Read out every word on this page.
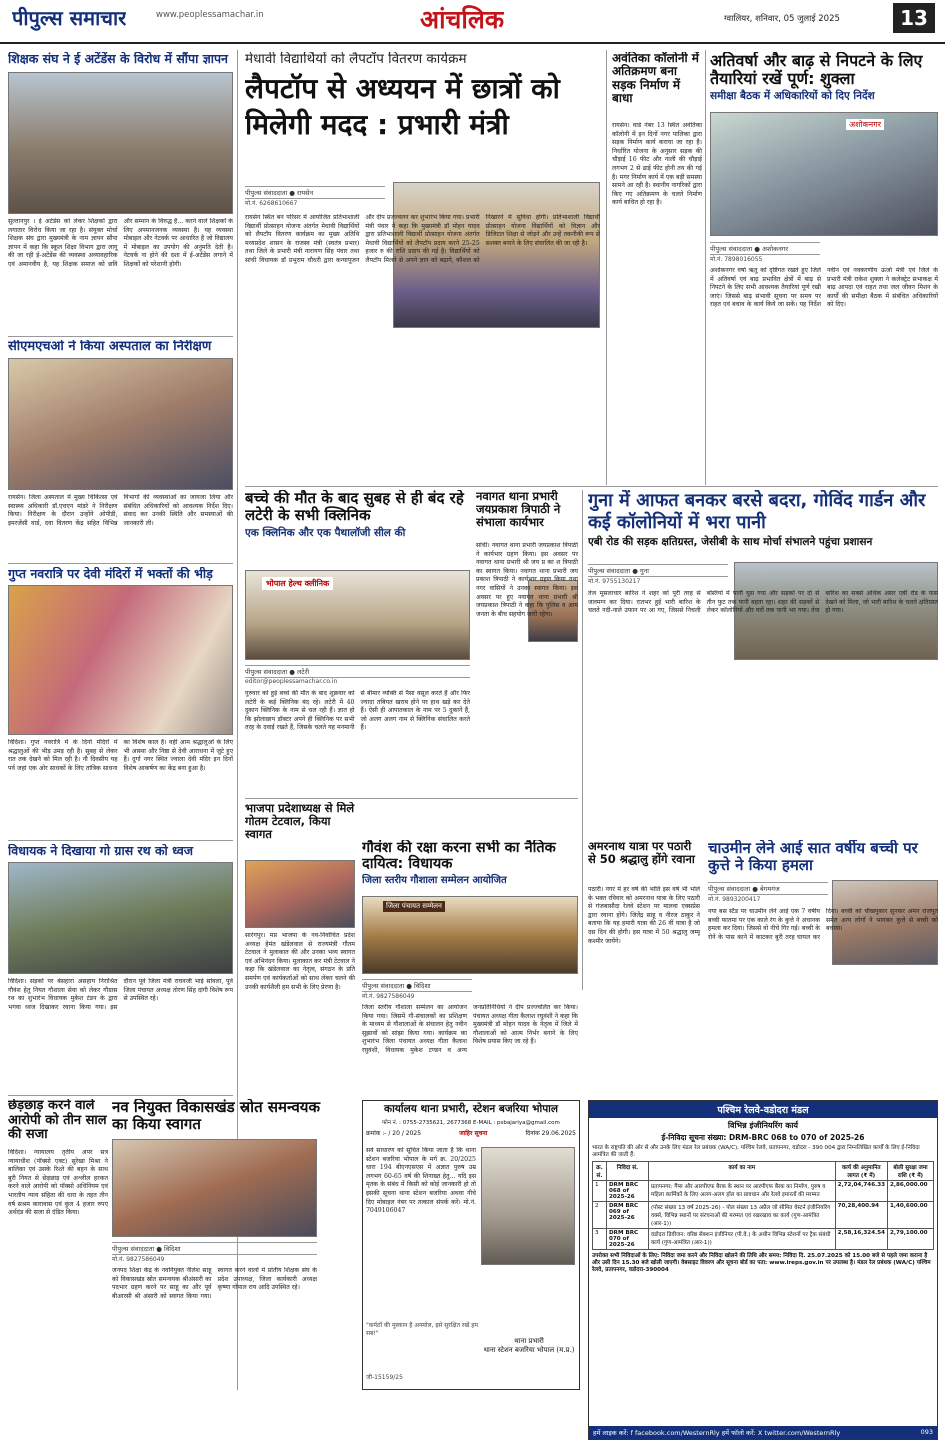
पीपुल्स समाचार	www.peoplessamachar.in	आंचलिक	ग्वालियर, शनिवार, 05 जुलाई 2025	13
शिक्षक संघ ने ई अटेंडेंस के विरोध में सौंपा ज्ञापन
सुल्तानपुर । ई अटेंडेंस को लेकर शिक्षकों द्वारा लगातार विरोध किया जा रहा है। संयुक्त मोर्चा शिक्षक संघ द्वारा मुख्यमंत्री के नाम ज्ञापन सौंपा ज्ञापन में कहा कि स्कूल शिक्षा विभाग द्वारा लागू की जा रही ई-अटेंडेंस की व्यवस्था अव्यावहारिक एवं अमानवीय है, यह शिक्षक समाज को छवि और सम्मान के विरुद्ध है... करने वाले शिक्षकों के लिए अपमानजनक व्यवस्था है। यह व्यवस्था मोबाइल और नेटवर्क पर आधारित है जो विद्यालय में मोबाइल का उपयोग की अनुमति देती है। नेटवर्क ना होने की दशा में ई-अटेंडेंस लगाने में शिक्षकों को परेशानी होगी।
सीएमएचओ ने किया अस्पताल का निरीक्षण
रायसेन। जिला अस्पताल में मुख्य चिकित्सा एवं स्वास्थ्य अधिकारी डॉ.एचएन मांडरे ने निरीक्षण किया। निरीक्षण के दौरान उन्होंने ओपीडी, इमरजेंसी वार्ड, दवा वितरण केंद्र सहित विभिन्न विभागों की व्यवस्थाओं का जायजा लिया और संबंधित अधिकारियों को आवश्यक निर्देश दिए। संवाद कर उनकी स्थिति और समस्याओं की जानकारी ली।
गुप्त नवरात्रि पर देवी मंदिरों में भक्तों की भीड़
विदिशा। गुप्त नवरात्रि में के दिनों मंदिरों में श्रद्धालुओं की भीड़ उमड़ रही है। सुबह से लेकर रात तक देखने को मिल रही है। नौ दिवसीय यह पर्व जहां एक ओर साधकों के लिए तांत्रिक साधना का विशेष काल है। वहीं आम श्रद्धालुओं के लिए भी आस्था और निष्ठा से देवी आराधना में जुटे हुए हैं। दुर्गा नगर स्थित ज्वाला देवी मंदिर इन दिनों विशेष आकर्षण का केंद्र बना हुआ है।
विधायक ने दिखाया गो ग्रास रथ को ध्वज
विदिशा। सड़कों पर बेसहारा असहाय निराश्रित गौवंश हेतु नियत गौशाला सेवा को लेकर गौग्रास रथ का शुभारंभ विधायक मुकेश टंडन के द्वारा भगवा ध्वज दिखाकर रवाना किया गया। इस दौरान पूर्व जिला मंत्री राघवजी भाई सांवला, पूर्व जिला पंचायत अध्यक्ष तोरण सिंह दांगी विशेष रूप से उपस्थित रहे।
छेड़छाड़ करने वाले आरोपी को तीन साल की सजा
विदिशा। न्यायालय तृतीय अपर सत्र न्यायाधीश (पॉक्सो एक्ट) सुरेखा मिश्रा ने बालिका एवं उसके रिश्ते की बहन के साथ बुरी नियत से छेड़छाड़ एवं अश्लील हरकत करने वाले आरोपी को पॉक्सो अधिनियम एवं भारतीय न्याय संहिता की धारा के तहत तीन वर्ष सश्रम कारावास एवं कुल 4 हजार रुपए अर्थदंड की सजा से दंडित किया।
नव नियुक्त विकासखंड स्रोत समन्वयक का किया स्वागत
पीपुल्स संवाददाता ● विदिशा
मो.नं. 9827586049
जनपद शिक्षा केंद्र के नवनियुक्त नीलेश साहू को विकासखंड स्रोत समन्वयक श्रीअंसारी का पदभार ग्रहण करने पर साहू का और पूर्व बीआरसी श्री अंसारी को स्वागत किया गया। स्वागत करने वालों में प्रांतीय शिक्षक संघ के प्रदेश उपाध्यक्ष, जिला कार्यकारी अध्यक्ष कृष्णा गोपाल राय आदि उपस्थित रहे।
मेधावी विद्यार्थियों को लैपटॉप वितरण कार्यक्रम
लैपटॉप से अध्ययन में छात्रों को मिलेगी मदद : प्रभारी मंत्री
पीपुल्स संवाददाता ● रायसेन
मो.नं. 6268610667
रायसेन स्थित बन परिसर में आयोजित प्रतिभाशाली विद्यार्थी प्रोत्साहन योजना अंतर्गत मेधावी विद्यार्थियों को लैपटॉप वितरण कार्यक्रम का मुख्य अतिथि मध्यप्रदेश शासन के राजस्व मंत्री (स्वतंत्र प्रभार) तथा जिले के प्रभारी मंत्री नारायण सिंह पंवार तथा सांची विधायक डॉ प्रभुराम चौधरी द्वारा कन्यापूजन और दीप प्रज्ज्वलन कर शुभारंभ किया गया। प्रभारी मंत्री पंवार ने कहा कि मुख्यमंत्री डॉ मोहन यादव द्वारा प्रतिभाशाली विद्यार्थी प्रोत्साहन योजना अंतर्गत मेधावी विद्यार्थियों को लैपटॉप प्रदाय करने 25-25 हजार रु की राशि प्रदाय की गई है। विद्यार्थियों को लैपटॉप मिलने से अपने ज्ञान को बढ़ाने, कौशल को निखारने में सुविधा होगी। प्रतिभाशाली विद्यार्थी प्रोत्साहन योजना विद्यार्थियों को विज्ञान और डिजिटल शिक्षा से जोड़ने और उन्हें तकनीकी रूप से सशक्त बनाने के लिए संचालित की जा रही है।
अवंतिका कॉलोनी में अतिक्रमण बना सड़क निर्माण में बाधा
रायसेन। वार्ड नंबर 13 स्थित अवंतिका कॉलोनी में इन दिनों नगर पालिका द्वारा सड़क निर्माण कार्य कराया जा रहा है। निर्धारित योजना के अनुसार सड़क की चौड़ाई 16 फीट और नाली की चौड़ाई लगभग 2 से ढाई फीट होनी तय की गई है। मगर निर्माण कार्य में एक बड़ी समस्या सामने आ रही है। स्थानीय नागरिकों द्वारा किए गए अतिक्रमण के चलते निर्माण कार्य बाधित हो रहा है।
अतिवर्षा और बाढ़ से निपटने के लिए तैयारियां रखें पूर्ण: शुक्ला
समीक्षा बैठक में अधिकारियों को दिए निर्देश
अशोकनगर
पीपुल्स संवाददाता ● अशोकनगर
मो.नं. 7898016055
अशोकनगर वर्षा ऋतु को दृष्टिगत रखते हुए जिले में अतिवर्षा एवं बाढ़ प्रभावित क्षेत्रों में बाढ़ से निपटने के लिए सभी आवश्यक तैयारियां पूर्ण रखी जाएं। जिससे बाढ़ संभावी सूचना पर समय पर राहत एवं बचाव के कार्य किये जा सकें। यह निर्देश नवीन एवं नवकरणीय ऊर्जा मंत्री एवं जिले के प्रभारी मंत्री राकेश शुक्ला ने कलेक्ट्रेट सभाकक्ष में बाढ़ आपदा एवं राहत तथा जल जीवन मिशन के कार्यों की समीक्षा बैठक में संबंधित अधिकारियों को दिए।
बच्चे की मौत के बाद सुबह से ही बंद रहे लटेरी के सभी क्लिनिक
एक क्लिनिक और एक पैथालॉजी सील की
भोपाल हेल्थ क्लीनिक
पीपुल्स संवाददाता ● लटेरी
editor@peoplessamachar.co.in
गुरुवार को हुई बच्चे की मौत के बाद शुक्रवार को लटेरी के कई क्लिनिक बंद रहे। लटेरी में 40 दुकान क्लिनिक के नाम से चल रही हैं। ज्ञात हो कि झोलाछाप डॉक्टर अपने ही क्लिनिक पर सभी तरह के दवाई रखते हैं, जिसके चलते यह मनमानी से बीमार व्यक्ति से पैसा वसूल करते हैं और फिर ज्यादा तबियत खराब होने पर हाथ खड़े कर देते हैं। ऐसी ही आपातकाल के नाम पर 5 दुकानें हैं, जो अलग अलग नाम से क्लिनिक संचालित करते हैं।
नवागत थाना प्रभारी जयप्रकाश त्रिपाठी ने संभाला कार्यभार
सांची। नवागत थाना प्रभारी जयप्रकाश त्रिपाठी ने कार्यभार ग्रहण किया। इस अवसर पर नवागत थाना प्रभारी श्री जय प्र का श त्रिपाठी का स्वागत किया। नवागत थाना प्रभारी जय प्रकाश त्रिपाठी ने कार्यभार ग्रहण किया तथा नगर वासियों ने उनका स्वागत किया। इस अवसर पर हुए नवागत थाना प्रभारी श्री जयप्रकाश त्रिपाठी ने कहा कि पुलिस व आम जनता के बीच सहयोग जारी रहेगा।
गुना में आफत बनकर बरसे बदरा, गोविंद गार्डन और कई कॉलोनियों में भरा पानी
एबी रोड की सड़क क्षतिग्रस्त, जेसीबी के साथ मोर्चा संभालने पहुंचा प्रशासन
पीपुल्स संवाददाता ● गुना
मो.नं. 9755130217
तेज मूसलाधार बारिश ने शहर को पूरी तरह से जलमग्न कर दिया। रातभर हुई भारी बारिश के चलते नदी-नाले उफान पर आ गए, जिससे निचली बस्तियों में पानी घुस गया और सड़कों पर दो से तीन फुट तक पानी बहता रहा। शहर की सड़कों से लेकर कॉलोनियों और घरों तक पानी भर गया। तेज बारिश का सबसे अधिक असर एबी रोड के पास देखने को मिला, जो भारी बारिश के चलते क्षतिग्रस्त हो गया।
भाजपा प्रदेशाध्यक्ष से मिले गोतम टेटवाल, किया स्वागत
सारंगपुर। मप्र भाजपा के नव-निर्वाचित प्रदेश अध्यक्ष हेमंत खंडेलवाल से राज्यमंत्री गौतम टेटवाल ने मुलाकात की और उनका भव्य स्वागत एवं अभिनंदन किया। मुलाकात कर मंत्री टेटवाल ने कहा कि खंडेलवाल का नेतृत्व, संगठन के प्रति समर्पण एवं कार्यकर्ताओं को साथ लेकर चलने की उनकी कार्यशैली हम सभी के लिए प्रेरणा है।
गौवंश की रक्षा करना सभी का नैतिक दायित्व: विधायक
जिला स्तरीय गौशाला सम्मेलन आयोजित
जिला पंचायत सम्मेलन
पीपुल्स संवाददाता ● विदिशा
मो.नं. 9827586049
जिला स्तरीय गौशाला सम्मेलन का आयोजन किया गया। जिसमें गौ-संचालकों का प्रशिक्षण के माध्यम से गौशालाओं के संचालन हेतु नवीन सुझावों को सांझा किया गया। कार्यक्रम का शुभारंभ जिला पंचायत अध्यक्ष गीता कैलाश रघुवंशी, विधायक मुकेश टण्डन व अन्य जनप्रतिनिधियों ने दीप प्रज्ज्वलित कर किया। पंचायत अध्यक्ष गीता कैलाश रघुवंशी ने कहा कि मुख्यमंत्री डॉ मोहन यादव के नेतृत्व में जिले में गौशालाओं को आत्म निर्भर बनाने के लिए विशेष प्रयास किए जा रहे हैं।
अमरनाथ यात्रा पर पठारी से 50 श्रद्धालु होंगे रवाना
पठारी। नगर में हर वर्ष की भांति इस वर्ष भी भोले के भक्त रविवार को अमरनाथ यात्रा के लिए पठारी से गंजबासौदा रेलवे स्टेशन पर मालवा एक्सप्रेस द्वारा रवाना होंगे। जितेंद्र साहू व नीरज ठाकुर ने बताया कि यह हमारी यात्रा की 26 वीं यात्रा है जो दस दिन की होगी। इस यात्रा में 50 श्रद्धालु जम्मू कश्मीर जायेंगे।
चाउमीन लेने आई सात वर्षीय बच्ची पर कुत्ते ने किया हमला
पीपुल्स संवाददाता ● बेगमगंज
मो.नं. 9893200417
नया बस स्टैंड पर चाउमीन लेने आई एक 7 वर्षीय बच्ची फातमा पर एक काले रंग के कुत्ते ने अचानक हमला कर दिया। जिससे वो नीचे गिर गई। बच्ची के रोने के पास काने में काटकर बुरी तरह घायल कर दिया। बच्ची को चीखपुकार सुनकर अमन राजपूत समेत अन्य लोगों ने भागकर कुत्ते से बच्ची को बचाया।
कार्यालय थाना प्रभारी, स्टेशन बजरिया भोपाल
फोन नं. : 0755-2735621, 2677368 E-MAIL : psbajariya@gmail.com
क्रमांक :- / 20 / 2025	जाहिर सूचना	दिनांक 29.06.2025
सर्व साधारण को सूचित किया जाता है कि थाना स्टेशन बजरिया भोपाल के मर्ग क्र. 20/2025 धारा 194 बीएनएसएस में अज्ञात पुरुष उम्र लगभग 60-65 वर्ष की शिनाख्त हेतु... यदि इस मृतक के संबंध में किसी को कोई जानकारी हो तो इसकी सूचना थाना स्टेशन बजरिया अथवा नीचे दिए मोबाइल नंबर पर तत्काल संपर्क करें। मो.नं. 7049106047
"कर्मठों की मुस्कान है अनमोल, इसे सुरक्षित रखें हम सब!"
थाना प्रभारी
थाना स्टेशन बजरिया भोपाल (म.प्र.)
जी-15159/25
पश्चिम रेलवे-वडोदरा मंडल
विभिन्न इंजीनियरिंग कार्य
ई-निविदा सूचना संख्या: DRM-BRC 068 to 070 of 2025-26
भारत के राष्ट्रपति की ओर से और उनके लिए मंडल रेल प्रबंधक (WA/C), पश्चिम रेलवे, प्रतापनगर, वडोदरा - 390 004 द्वारा निम्नलिखित कार्यों के लिए ई-निविदा आमंत्रित की जाती हैं:
क्र. सं.	निविदा सं.	कार्य का नाम	कार्य की अनुमानित लागत (₹ में)	बोली सुरक्षा जमा राशि (₹ में)
1	DRM BRC 068 of 2025-26	प्रतापनगर: गैंग्स और आरपीएफ बैरक के स्थान पर आरपीएफ बैरक का निर्माण, पुरुष व महिला कार्मिकों के लिए अलग-अलग हॉल का प्रावधान और रेलवे इमारतों की मरम्मत	2,72,04,746.33	2,86,000.00
2	DRM BRC 069 of 2025-26	(पोस्ट संख्या 13 वर्ष 2025-26) - पोल संख्या 13 अप्रैल जो सीमित वेस्टर्न इंजीनियरिंग वर्क्स, विभिन्न स्थानों पर संरचनाओं की मरम्मत एवं रखरखाव का कार्य (गुण-आमंत्रित (आर-1))	70,28,400.94	1,40,600.00
3	DRM BRC 070 of 2025-26	वडोदरा डिवीजन: वरिष्ठ सेक्शन इंजीनियर (पी.वे.) के अधीन विभिन्न स्टेशनों पर ट्रैक संबंधी कार्य (गुण-आमंत्रित (आर-1))	2,58,16,324.54	2,79,100.00
उपरोक्त सभी निविदाओं के लिए: निविदा जमा करने और निविदा खोलने की तिथि और समय: निविदा दि. 25.07.2025 को 15.00 बजे से पहले जमा कराना है और उसी दिन 15.30 बजे खोली जाएगी। वेबसाइट विवरण और सूचना बोर्ड का पता: www.ireps.gov.in पर उपलब्ध है। मंडल रेल प्रबंधक (WA/C) पश्चिम रेलवे, प्रतापनगर, वडोदरा-390004
हमें लाइक करें: f facebook.com/WesternRly हमें फॉलो करें: X twitter.com/WesternRly	093
